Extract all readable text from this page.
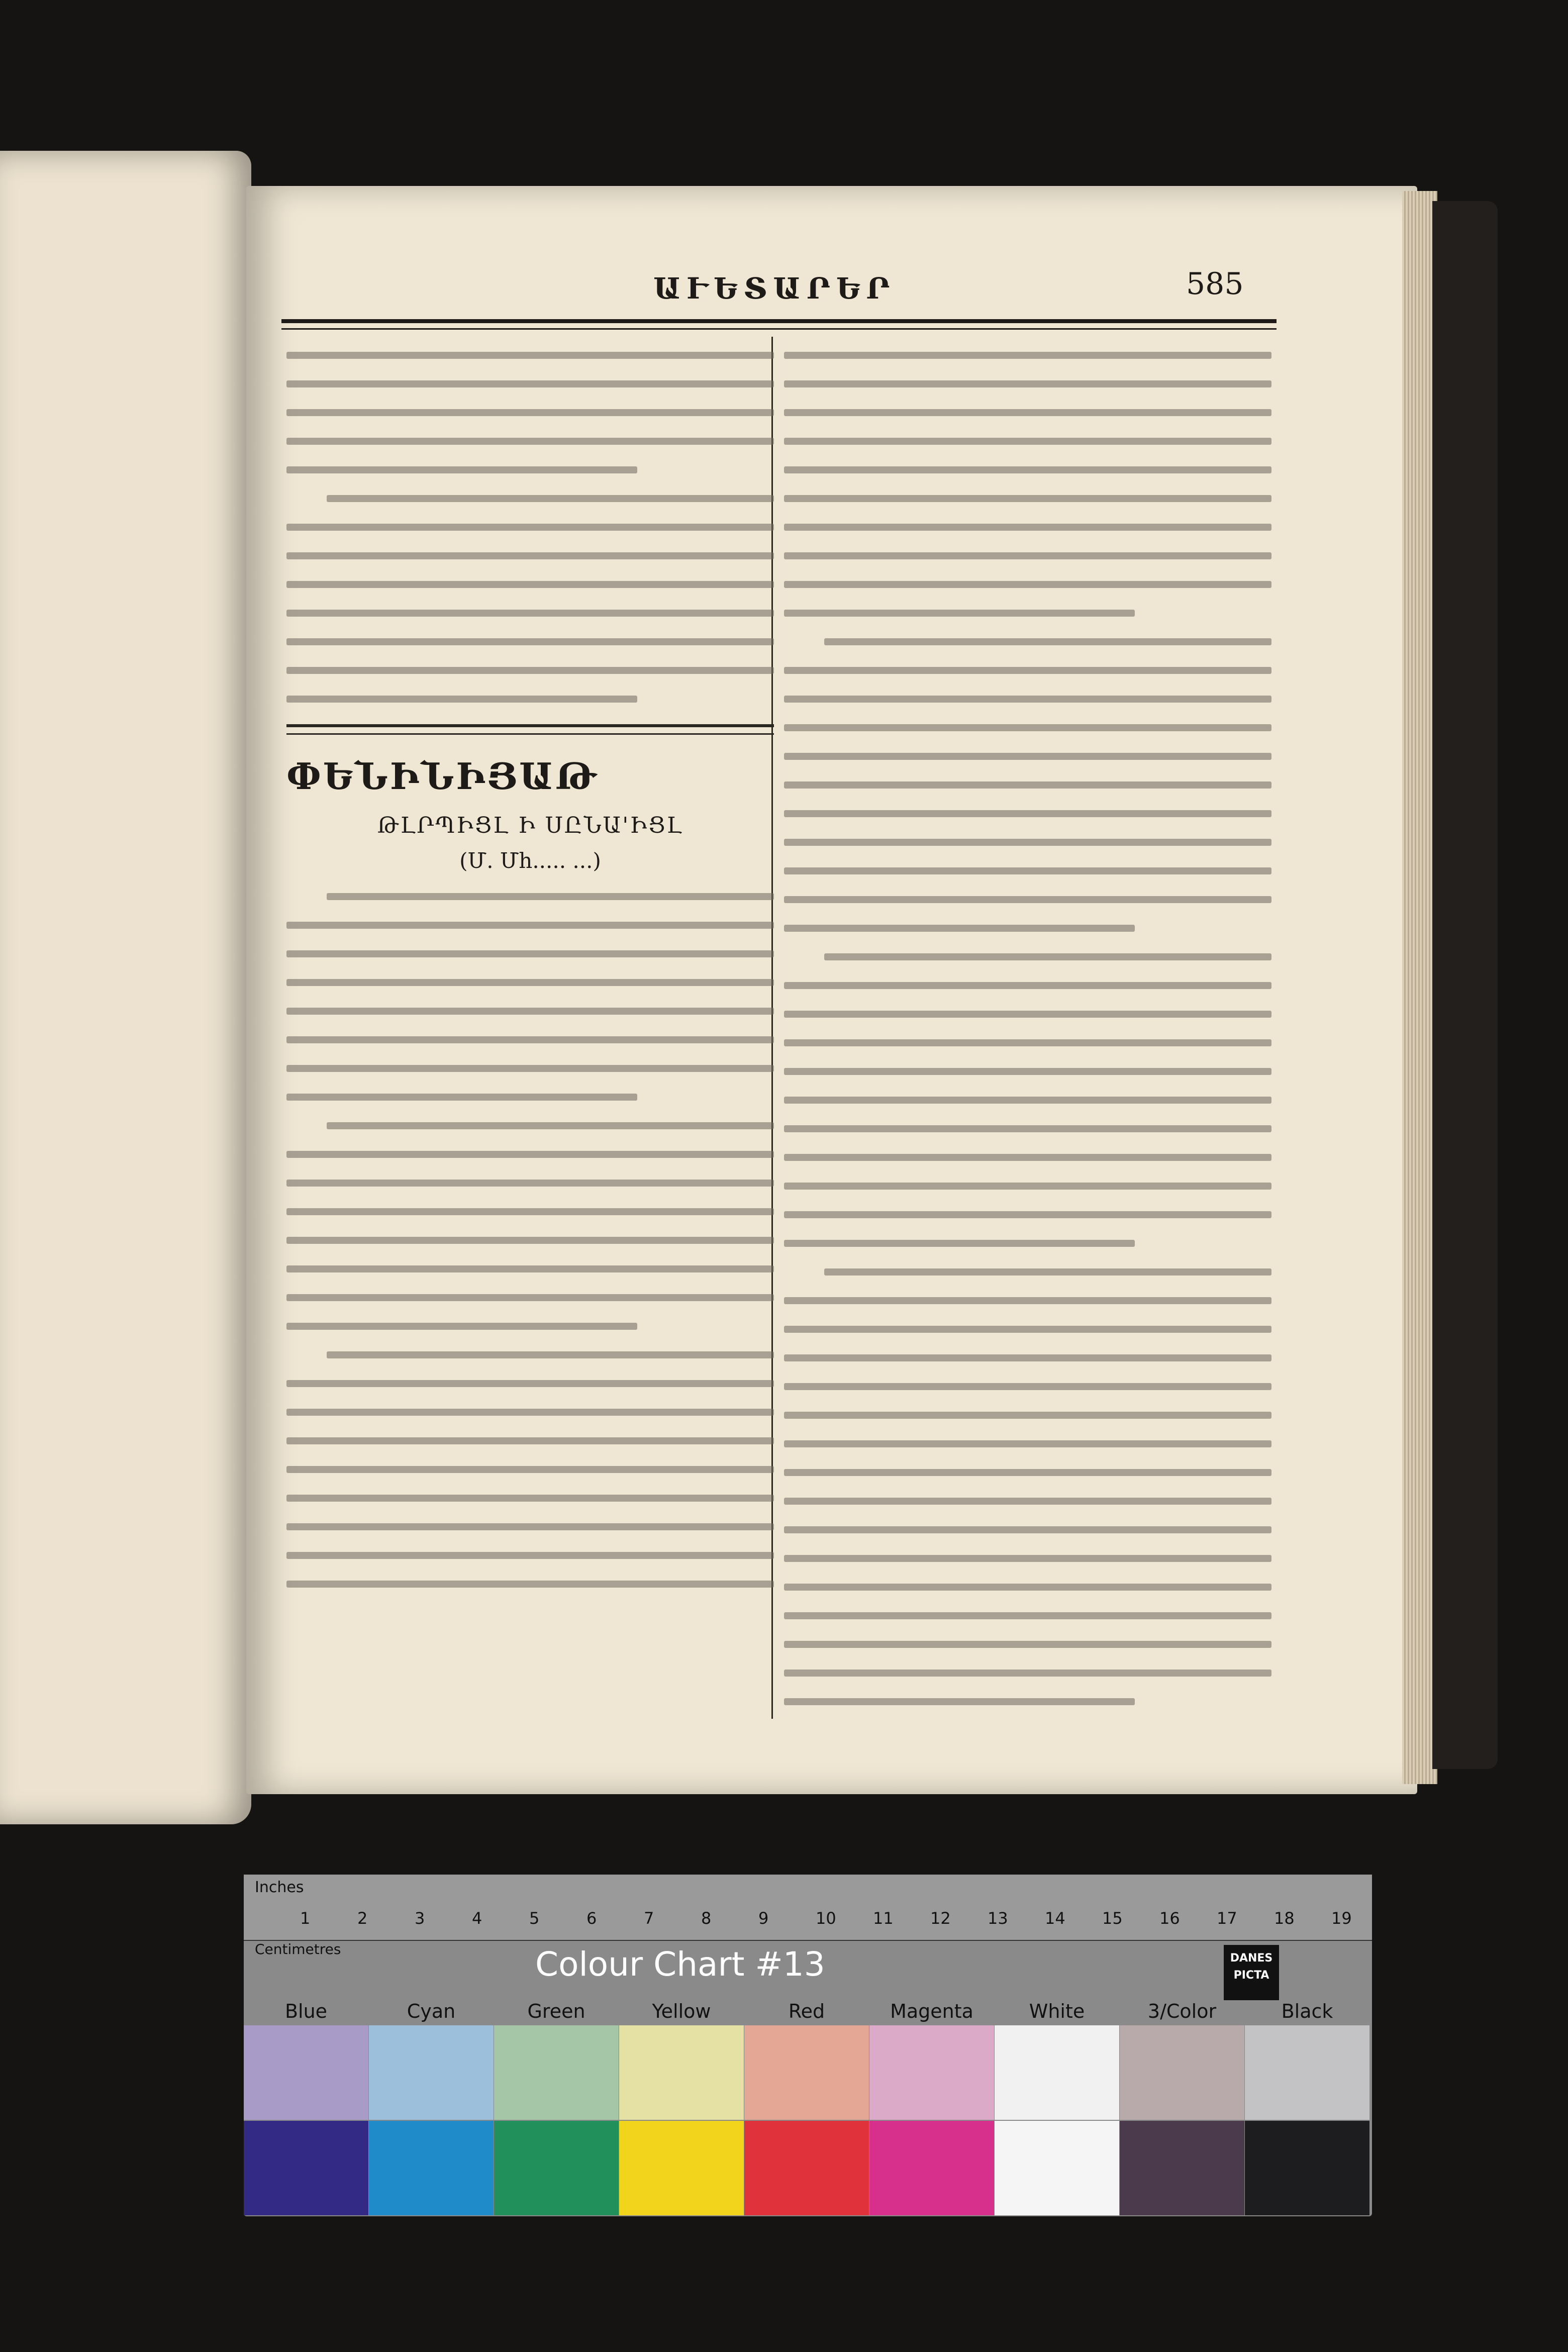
ԱՒԵՏԱՐԵՐ	585
ՓԵՆԻՆԻՅԱԹ
ԹԼՐՊԻՑԼ Ի ՍԸՆԱ'ԻՑԼ
(Մ. Մհ..... ...)
Inches
1	2	3	4	5	6	7	8	9	10 11 12 13 14 15 16 17 18 19
Centimetres	Colour Chart #13	DANES PICTA
Blue	Cyan	Green	Yellow	Red	Magenta	White	3/Color	Black
